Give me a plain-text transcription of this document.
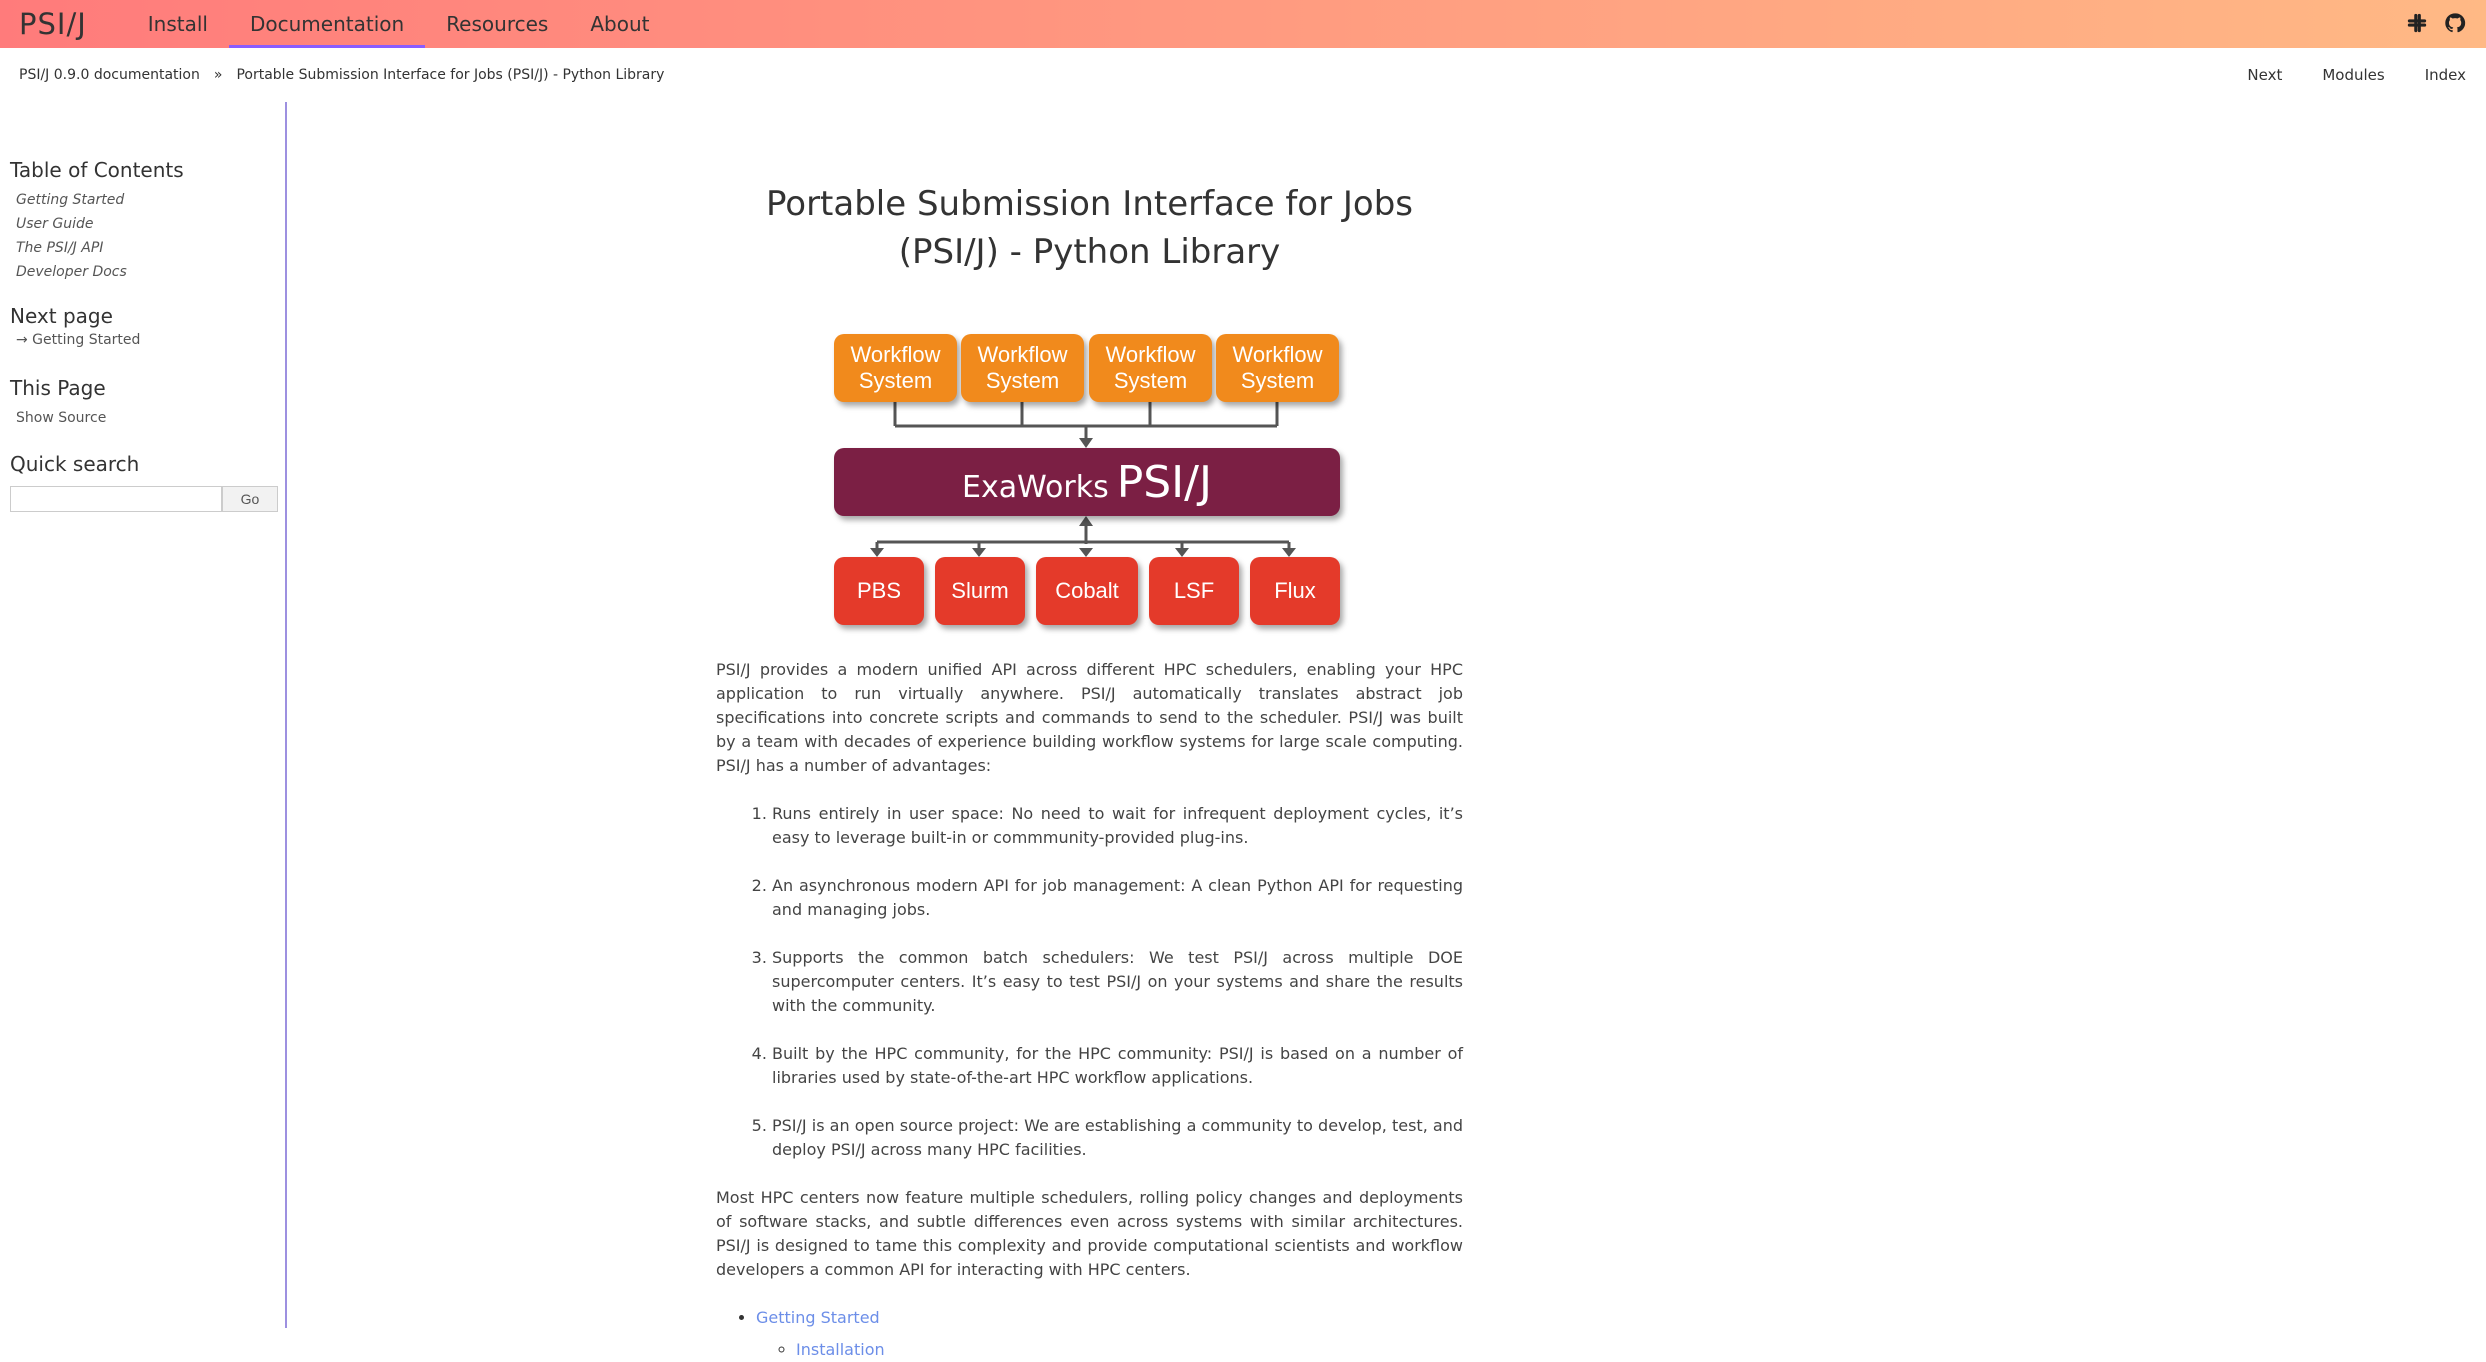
PSI/J	Install	Documentation	Resources	About
PSI/J 0.9.0 documentation » Portable Submission Interface for Jobs (PSI/J) - Python Library	Next	Modules	Index
Table of Contents
Getting Started
User Guide
The PSI/J API
Developer Docs
Next page
→ Getting Started
This Page
Show Source
Quick search
Go
Portable Submission Interface for Jobs (PSI/J) - Python Library
Workflow
System
Workflow
System
Workflow
System
Workflow
System
ExaWorks PSI/J
PBS	Slurm	Cobalt	LSF	Flux

PSI/J provides a modern unified API across different HPC schedulers, enabling your HPC application to run virtually anywhere. PSI/J automatically translates abstract job specifications into concrete scripts and commands to send to the scheduler. PSI/J was built by a team with decades of experience building workflow systems for large scale computing. PSI/J has a number of advantages:

1. Runs entirely in user space: No need to wait for infrequent deployment cycles, it’s easy to leverage built-in or commmunity-provided plug-ins.
2. An asynchronous modern API for job management: A clean Python API for requesting and managing jobs.
3. Supports the common batch schedulers: We test PSI/J across multiple DOE supercomputer centers. It’s easy to test PSI/J on your systems and share the results with the community.
4. Built by the HPC community, for the HPC community: PSI/J is based on a number of libraries used by state-of-the-art HPC workflow applications.
5. PSI/J is an open source project: We are establishing a community to develop, test, and deploy PSI/J across many HPC facilities.

Most HPC centers now feature multiple schedulers, rolling policy changes and deployments of software stacks, and subtle differences even across systems with similar architectures. PSI/J is designed to tame this complexity and provide computational scientists and workflow developers a common API for interacting with HPC centers.

• Getting Started
◦ Installation
